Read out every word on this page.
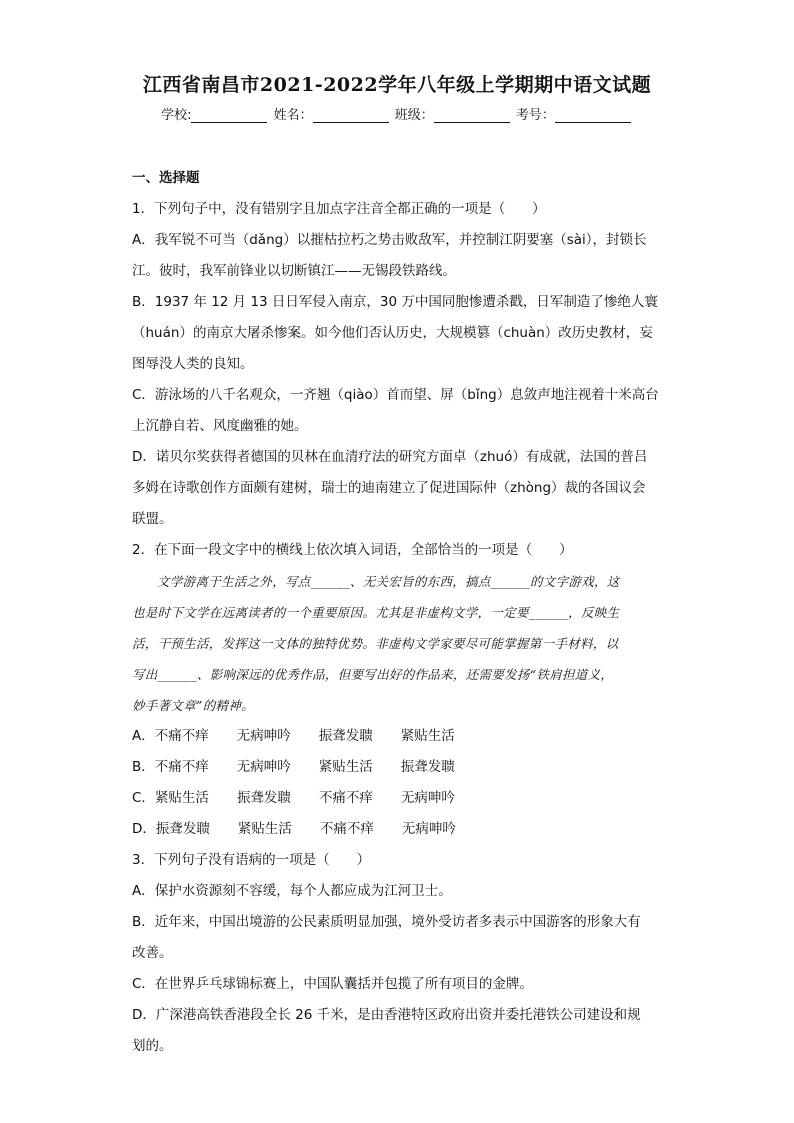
江西省南昌市2021-2022学年八年级上学期期中语文试题
学校:	姓名：	班级：	考号：

一、选择题

1．下列句子中，没有错别字且加点字注音全都正确的一项是（　　）

A．我军锐不可当（dǎng）以摧枯拉朽之势击败敌军，并控制江阴要塞（sài），封锁长

江。彼时，我军前锋业以切断镇江——无锡段铁路线。

B．1937 年 12 月 13 日日军侵入南京，30 万中国同胞惨遭杀戳，日军制造了惨绝人寰

（huán）的南京大屠杀惨案。如今他们否认历史，大规模篡（chuàn）改历史教材，妄

图辱没人类的良知。

C．游泳场的八千名观众，一齐翘（qiào）首而望、屏（bǐng）息敛声地注视着十米高台

上沉静自若、风度幽雅的她。

D．诺贝尔奖获得者德国的贝林在血清疗法的研究方面卓（zhuó）有成就，法国的普吕

多姆在诗歌创作方面颇有建树，瑞士的迪南建立了促进国际仲（zhòng）裁的各国议会

联盟。

2．在下面一段文字中的横线上依次填入词语，全部恰当的一项是（　　）

文学游离于生活之外，写点______、无关宏旨的东西，搞点______的文字游戏，这

也是时下文学在远离读者的一个重要原因。尤其是非虚构文学，一定要______，反映生

活，干预生活，发挥这一文体的独特优势。非虚构文学家要尽可能掌握第一手材料，以

写出______、影响深远的优秀作品，但要写出好的作品来，还需要发扬“铁肩担道义，

妙手著文章”的精神。

A． 不痛不痒 无病呻吟 振聋发聩 紧贴生活
B． 不痛不痒 无病呻吟 紧贴生活 振聋发聩
C． 紧贴生活 振聋发聩 不痛不痒 无病呻吟
D． 振聋发聩 紧贴生活 不痛不痒 无病呻吟

3．下列句子没有语病的一项是（　　）

A．保护水资源刻不容缓，每个人都应成为江河卫士。

B．近年来，中国出境游的公民素质明显加强，境外受访者多表示中国游客的形象大有

改善。

C．在世界乒乓球锦标赛上，中国队囊括并包揽了所有项目的金牌。

D．广深港高铁香港段全长 26 千米，是由香港特区政府出资并委托港铁公司建设和规

划的。
